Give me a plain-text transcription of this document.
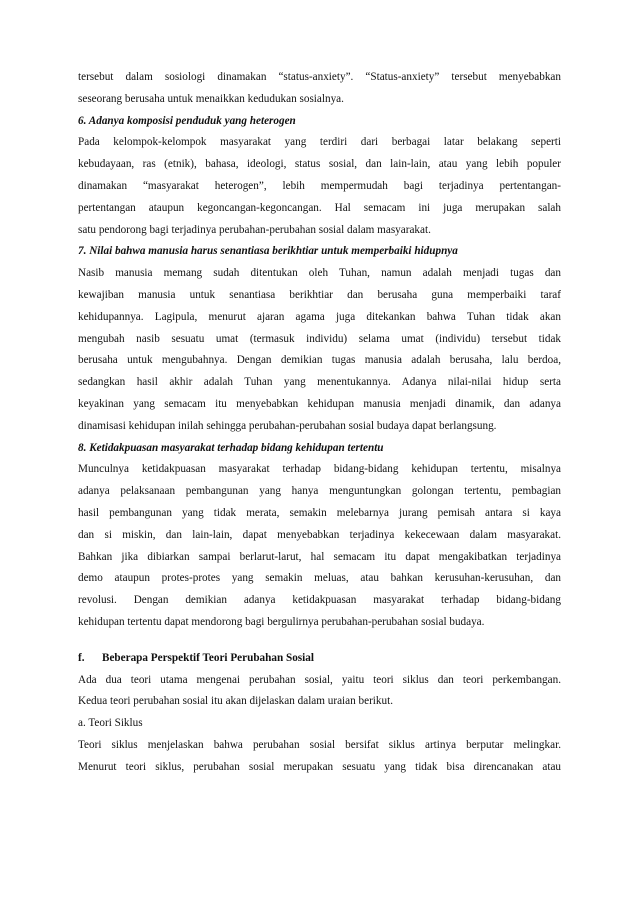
tersebut dalam sosiologi dinamakan “status-anxiety”. “Status-anxiety” tersebut menyebabkan
seseorang berusaha untuk menaikkan kedudukan sosialnya.
6. Adanya komposisi penduduk yang heterogen
Pada kelompok-kelompok masyarakat yang terdiri dari berbagai latar belakang seperti
kebudayaan, ras (etnik), bahasa, ideologi, status sosial, dan lain-lain, atau yang lebih populer
dinamakan “masyarakat heterogen”, lebih mempermudah bagi terjadinya pertentangan-
pertentangan ataupun kegoncangan-kegoncangan. Hal semacam ini juga merupakan salah
satu pendorong bagi terjadinya perubahan-perubahan sosial dalam masyarakat.
7. Nilai bahwa manusia harus senantiasa berikhtiar untuk memperbaiki hidupnya
Nasib manusia memang sudah ditentukan oleh Tuhan, namun adalah menjadi tugas dan
kewajiban manusia untuk senantiasa berikhtiar dan berusaha guna memperbaiki taraf
kehidupannya. Lagipula, menurut ajaran agama juga ditekankan bahwa Tuhan tidak akan
mengubah nasib sesuatu umat (termasuk individu) selama umat (individu) tersebut tidak
berusaha untuk mengubahnya. Dengan demikian tugas manusia adalah berusaha, lalu berdoa,
sedangkan hasil akhir adalah Tuhan yang menentukannya. Adanya nilai-nilai hidup serta
keyakinan yang semacam itu menyebabkan kehidupan manusia menjadi dinamik, dan adanya
dinamisasi kehidupan inilah sehingga perubahan-perubahan sosial budaya dapat berlangsung.
8. Ketidakpuasan masyarakat terhadap bidang kehidupan tertentu
Munculnya ketidakpuasan masyarakat terhadap bidang-bidang kehidupan tertentu, misalnya
adanya pelaksanaan pembangunan yang hanya menguntungkan golongan tertentu, pembagian
hasil pembangunan yang tidak merata, semakin melebarnya jurang pemisah antara si kaya
dan si miskin, dan lain-lain, dapat menyebabkan terjadinya kekecewaan dalam masyarakat.
Bahkan jika dibiarkan sampai berlarut-larut, hal semacam itu dapat mengakibatkan terjadinya
demo ataupun protes-protes yang semakin meluas, atau bahkan kerusuhan-kerusuhan, dan
revolusi. Dengan demikian adanya ketidakpuasan masyarakat terhadap bidang-bidang
kehidupan tertentu dapat mendorong bagi bergulirnya perubahan-perubahan sosial budaya.
f. Beberapa Perspektif Teori Perubahan Sosial
Ada dua teori utama mengenai perubahan sosial, yaitu teori siklus dan teori perkembangan.
Kedua teori perubahan sosial itu akan dijelaskan dalam uraian berikut.
a. Teori Siklus
Teori siklus menjelaskan bahwa perubahan sosial bersifat siklus artinya berputar melingkar.
Menurut teori siklus, perubahan sosial merupakan sesuatu yang tidak bisa direncanakan atau
